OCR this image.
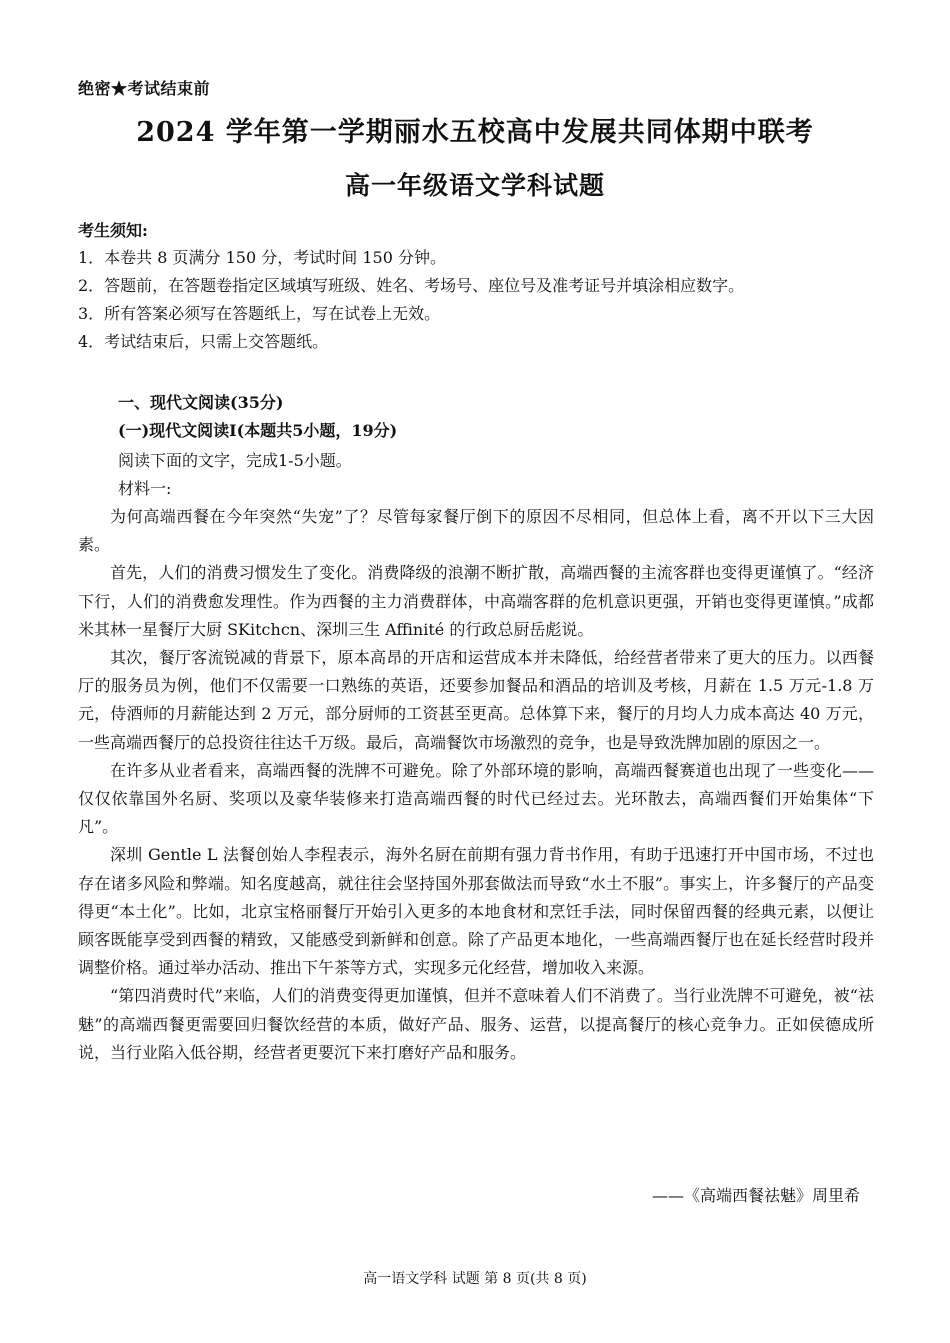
绝密★考试结束前
2024 学年第一学期丽水五校高中发展共同体期中联考
高一年级语文学科试题
考生须知:
1．本卷共 8 页满分 150 分，考试时间 150 分钟。
2．答题前，在答题卷指定区域填写班级、姓名、考场号、座位号及准考证号并填涂相应数字。
3．所有答案必须写在答题纸上，写在试卷上无效。
4．考试结束后，只需上交答题纸。
一、现代文阅读(35分)
(一)现代文阅读Ⅰ(本题共5小题，19分)
阅读下面的文字，完成1-5小题。
材料一:

为何高端西餐在今年突然“失宠”了？尽管每家餐厅倒下的原因不尽相同，但总体上看，离不开以下三大因素。

首先，人们的消费习惯发生了变化。消费降级的浪潮不断扩散，高端西餐的主流客群也变得更谨慎了。“经济下行，人们的消费愈发理性。作为西餐的主力消费群体，中高端客群的危机意识更强，开销也变得更谨慎。”成都米其林一星餐厅大厨 SKitchcn、深圳三生 Affinité 的行政总厨岳彪说。

其次，餐厅客流锐减的背景下，原本高昂的开店和运营成本并未降低，给经营者带来了更大的压力。以西餐厅的服务员为例，他们不仅需要一口熟练的英语，还要参加餐品和酒品的培训及考核，月薪在 1.5 万元-1.8 万元，侍酒师的月薪能达到 2 万元，部分厨师的工资甚至更高。总体算下来，餐厅的月均人力成本高达 40 万元，一些高端西餐厅的总投资往往达千万级。最后，高端餐饮市场激烈的竞争，也是导致洗牌加剧的原因之一。

在许多从业者看来，高端西餐的洗牌不可避免。除了外部环境的影响，高端西餐赛道也出现了一些变化——仅仅依靠国外名厨、奖项以及豪华装修来打造高端西餐的时代已经过去。光环散去，高端西餐们开始集体“下凡”。

深圳 Gentle L 法餐创始人李程表示，海外名厨在前期有强力背书作用，有助于迅速打开中国市场，不过也存在诸多风险和弊端。知名度越高，就往往会坚持国外那套做法而导致“水土不服”。事实上，许多餐厅的产品变得更“本土化”。比如，北京宝格丽餐厅开始引入更多的本地食材和烹饪手法，同时保留西餐的经典元素，以便让顾客既能享受到西餐的精致，又能感受到新鲜和创意。除了产品更本地化，一些高端西餐厅也在延长经营时段并调整价格。通过举办活动、推出下午茶等方式，实现多元化经营，增加收入来源。

“第四消费时代”来临，人们的消费变得更加谨慎，但并不意味着人们不消费了。当行业洗牌不可避免，被“祛魅”的高端西餐更需要回归餐饮经营的本质，做好产品、服务、运营，以提高餐厅的核心竞争力。正如侯德成所说，当行业陷入低谷期，经营者更要沉下来打磨好产品和服务。

——《高端西餐祛魅》周里希
高一语文学科 试题 第 8 页(共 8 页)
